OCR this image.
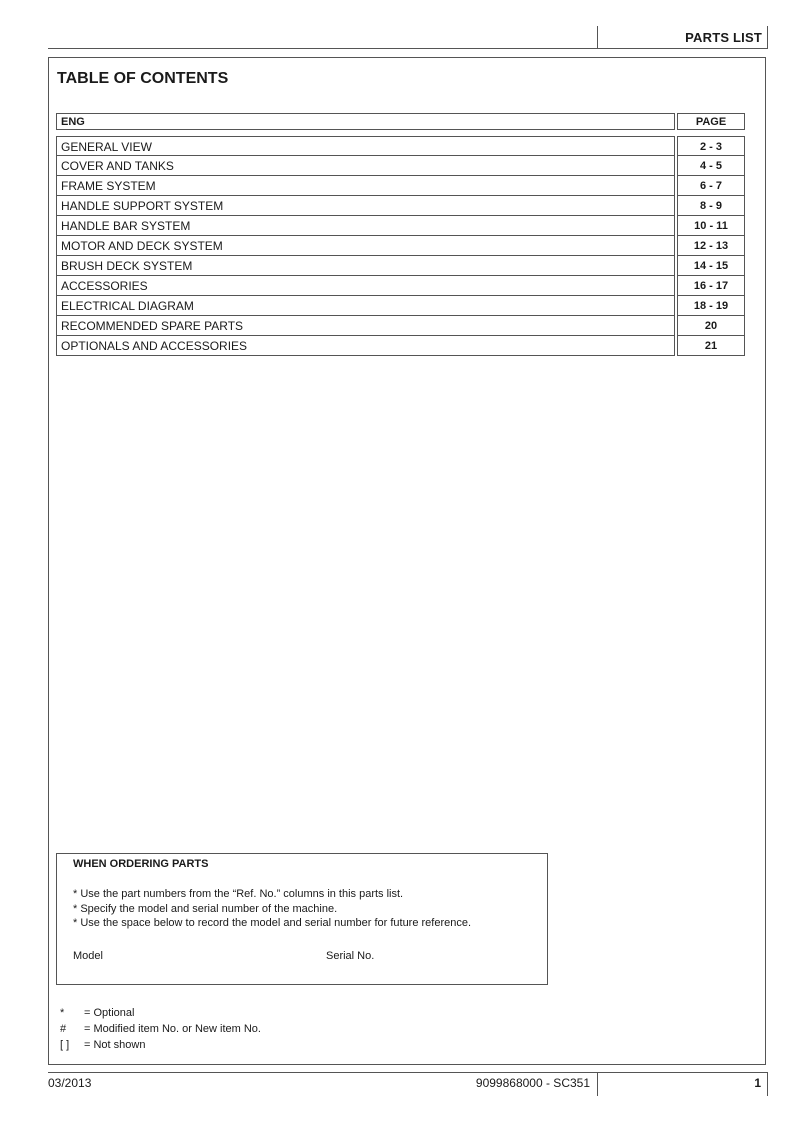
PARTS LIST
TABLE OF CONTENTS
ENG	PAGE
GENERAL VIEW	2 - 3
COVER AND TANKS	4 - 5
FRAME SYSTEM	6 - 7
HANDLE SUPPORT SYSTEM	8 - 9
HANDLE BAR SYSTEM	10 - 11
MOTOR AND DECK SYSTEM	12 - 13
BRUSH DECK SYSTEM	14 - 15
ACCESSORIES	16 - 17
ELECTRICAL DIAGRAM	18 - 19
RECOMMENDED SPARE PARTS	20
OPTIONALS AND ACCESSORIES	21
WHEN ORDERING PARTS
* Use the part numbers from the “Ref. No.” columns in this parts list.
* Specify the model and serial number of the machine.
* Use the space below to record the model and serial number for future reference.
Model	Serial No.
* = Optional
# = Modified item No. or New item No.
[ ] = Not shown
03/2013	9099868000 - SC351	1
